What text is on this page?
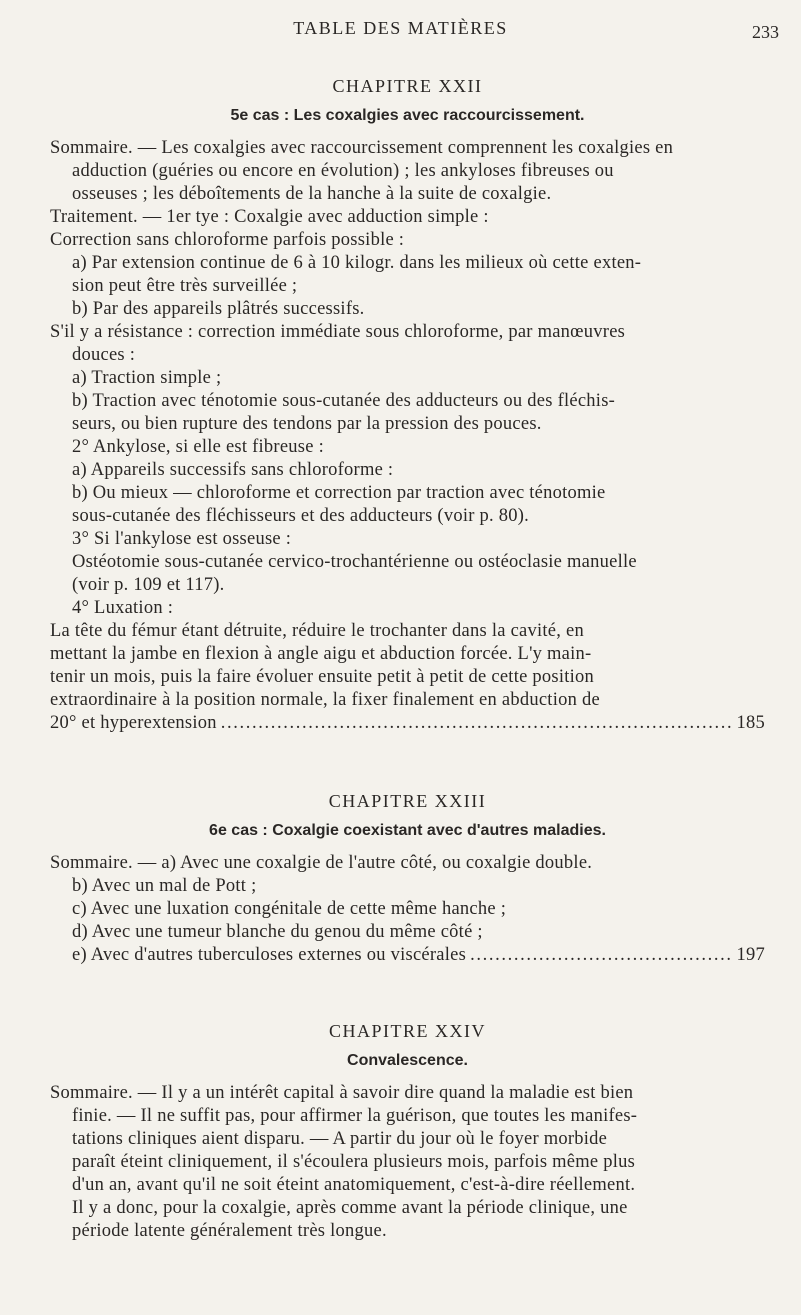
TABLE DES MATIÈRES	233
CHAPITRE XXII
5e cas : Les coxalgies avec raccourcissement.
Sommaire. — Les coxalgies avec raccourcissement comprennent les coxalgies en
adduction (guéries ou encore en évolution) ; les ankyloses fibreuses ou
osseuses ; les déboîtements de la hanche à la suite de coxalgie.
Traitement. — 1er tye : Coxalgie avec adduction simple :
Correction sans chloroforme parfois possible :
a) Par extension continue de 6 à 10 kilogr. dans les milieux où cette exten-
sion peut être très surveillée ;
b) Par des appareils plâtrés successifs.
S'il y a résistance : correction immédiate sous chloroforme, par manœuvres
douces :
a) Traction simple ;
b) Traction avec ténotomie sous-cutanée des adducteurs ou des fléchis-
seurs, ou bien rupture des tendons par la pression des pouces.
2° Ankylose, si elle est fibreuse :
a) Appareils successifs sans chloroforme :
b) Ou mieux — chloroforme et correction par traction avec ténotomie
sous-cutanée des fléchisseurs et des adducteurs (voir p. 80).
3° Si l'ankylose est osseuse :
Ostéotomie sous-cutanée cervico-trochantérienne ou ostéoclasie manuelle
(voir p. 109 et 117).
4° Luxation :
La tête du fémur étant détruite, réduire le trochanter dans la cavité, en
mettant la jambe en flexion à angle aigu et abduction forcée. L'y main-
tenir un mois, puis la faire évoluer ensuite petit à petit de cette position
extraordinaire à la position normale, la fixer finalement en abduction de
20° et hyperextension . . .	185
CHAPITRE XXIII
6e cas : Coxalgie coexistant avec d'autres maladies.
Sommaire. — a) Avec une coxalgie de l'autre côté, ou coxalgie double.
b) Avec un mal de Pott ;
c) Avec une luxation congénitale de cette même hanche ;
d) Avec une tumeur blanche du genou du même côté ;
e) Avec d'autres tuberculoses externes ou viscérales . . .	197
CHAPITRE XXIV
Convalescence.
Sommaire. — Il y a un intérêt capital à savoir dire quand la maladie est bien
finie. — Il ne suffit pas, pour affirmer la guérison, que toutes les manifes-
tations cliniques aient disparu. — A partir du jour où le foyer morbide
paraît éteint cliniquement, il s'écoulera plusieurs mois, parfois même plus
d'un an, avant qu'il ne soit éteint anatomiquement, c'est-à-dire réellement.
Il y a donc, pour la coxalgie, après comme avant la période clinique, une
période latente généralement très longue.
